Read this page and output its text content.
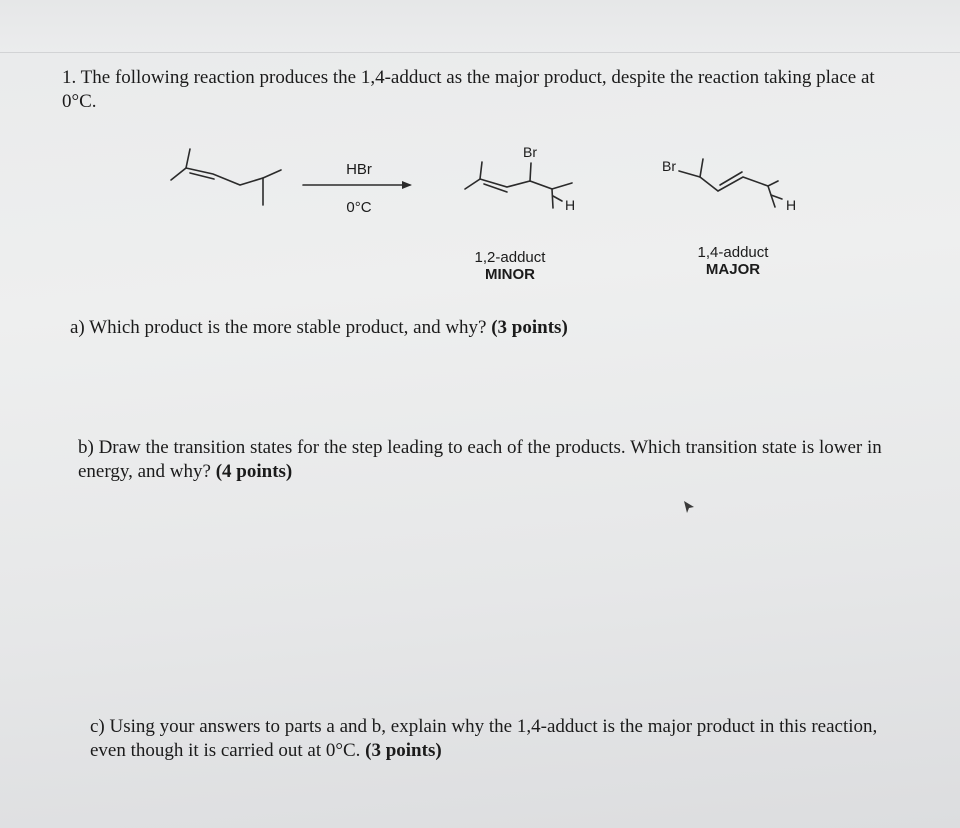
1. The following reaction produces the 1,4-adduct as the major product, despite the reaction taking place at 0°C.

Br
H
Br
H
HBr
0°C
1,2-adduct
MINOR
1,4-adduct
MAJOR

a) Which product is the more stable product, and why? (3 points)

b) Draw the transition states for the step leading to each of the products. Which transition state is lower in energy, and why? (4 points)

c) Using your answers to parts a and b, explain why the 1,4-adduct is the major product in this reaction, even though it is carried out at 0°C. (3 points)
